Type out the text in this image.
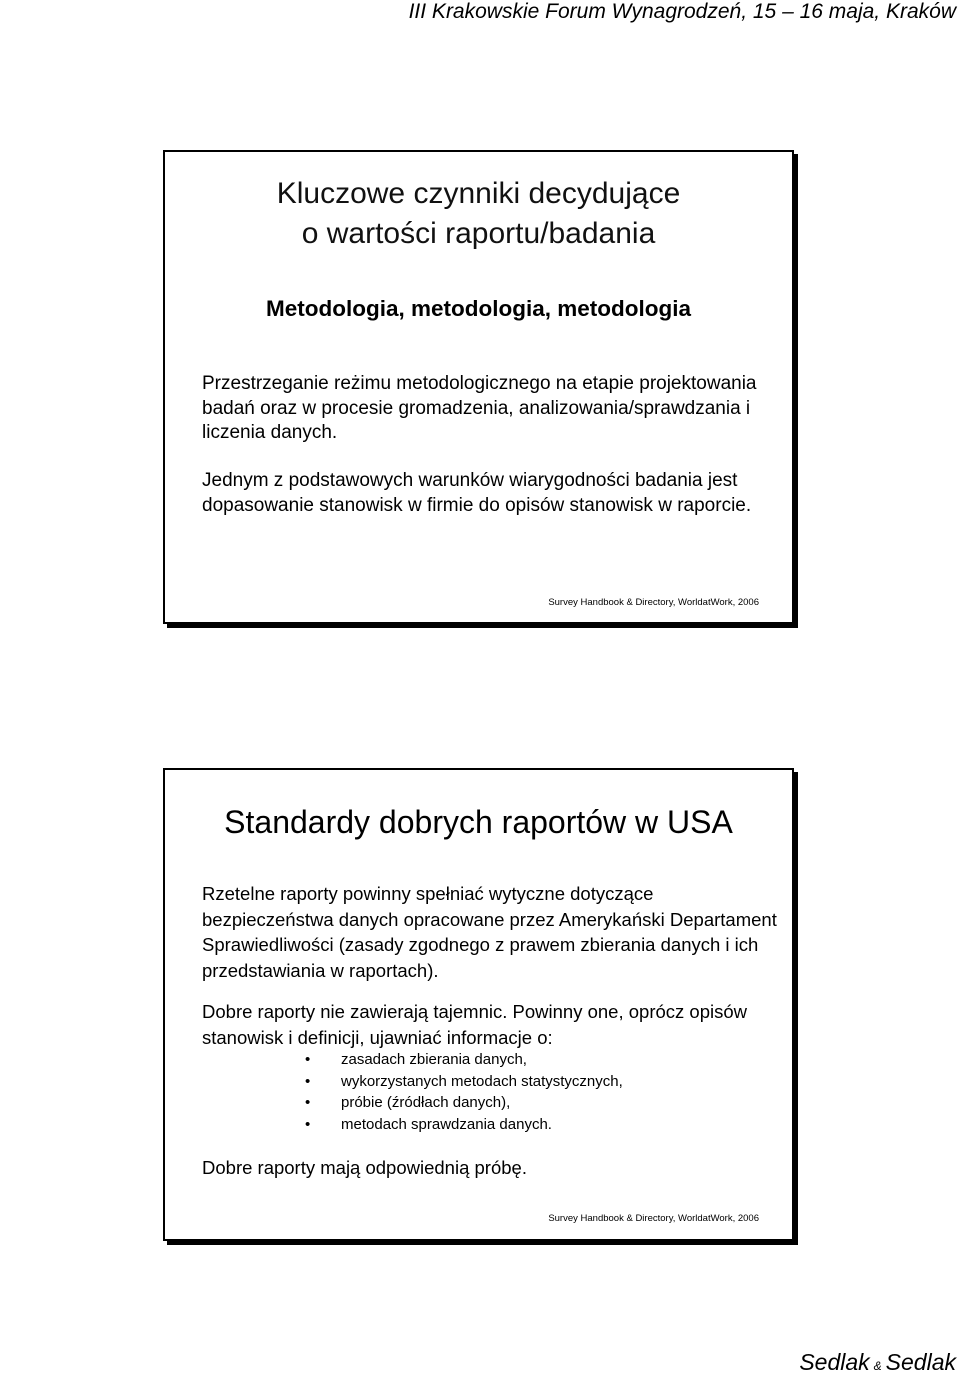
III Krakowskie Forum Wynagrodzeń, 15 – 16 maja, Kraków
Kluczowe czynniki decydujące
o wartości raportu/badania
Metodologia, metodologia, metodologia

Przestrzeganie reżimu metodologicznego na etapie projektowania badań oraz w procesie gromadzenia, analizowania/sprawdzania i liczenia danych.

Jednym z podstawowych warunków wiarygodności badania jest dopasowanie stanowisk w firmie do opisów stanowisk w raporcie.

Survey Handbook & Directory, WorldatWork, 2006
Standardy dobrych raportów w USA

Rzetelne raporty powinny spełniać wytyczne dotyczące bezpieczeństwa danych opracowane przez Amerykański Departament Sprawiedliwości (zasady zgodnego z prawem zbierania danych i ich przedstawiania w raportach).

Dobre raporty nie zawierają tajemnic. Powinny one, oprócz opisów stanowisk i definicji, ujawniać informacje o:

• zasadach zbierania danych,
• wykorzystanych metodach statystycznych,
• próbie (źródłach danych),
• metodach sprawdzania danych.

Dobre raporty mają odpowiednią próbę.

Survey Handbook & Directory, WorldatWork, 2006
Sedlak & Sedlak
